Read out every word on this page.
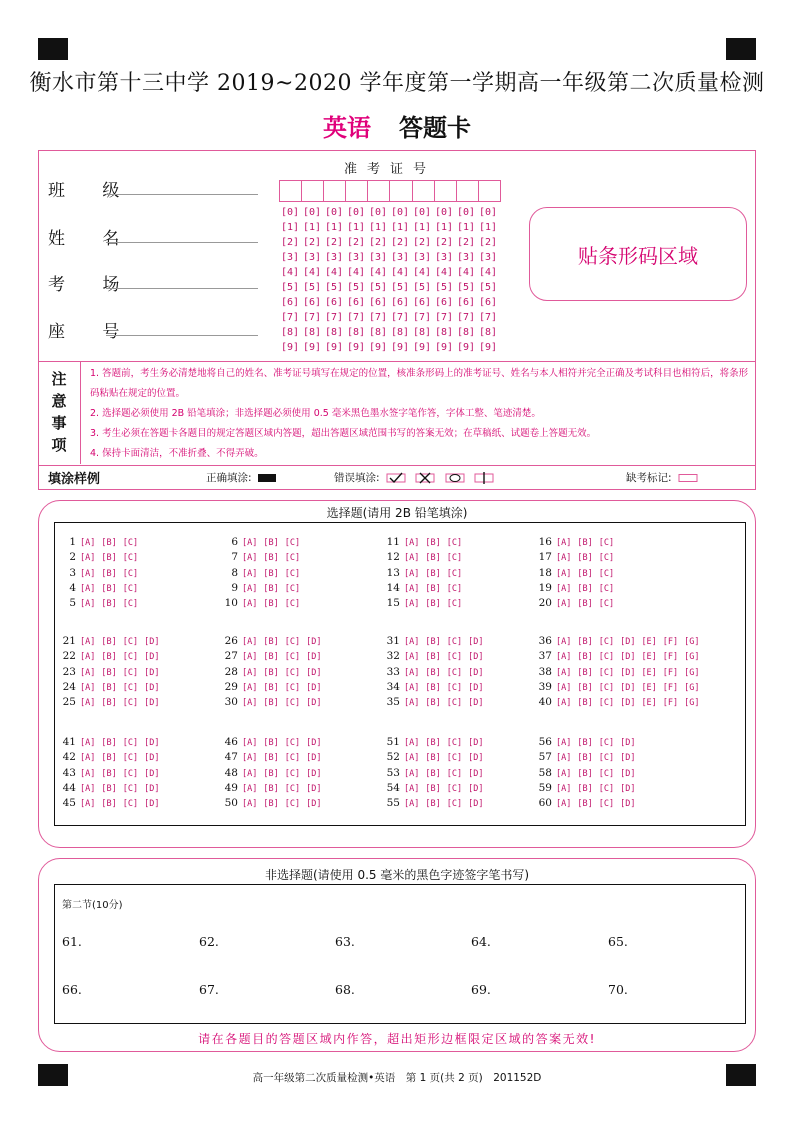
衡水市第十三中学 2019~2020 学年度第一学期高一年级第二次质量检测
英语 答题卡
班 级
姓 名
考 场
座 号
准考证号
[0] [0] [0] [0] [0] [0] [0] [0] [0] [0]
[1] [1] [1] [1] [1] [1] [1] [1] [1] [1]
[2] [2] [2] [2] [2] [2] [2] [2] [2] [2]
[3] [3] [3] [3] [3] [3] [3] [3] [3] [3]
[4] [4] [4] [4] [4] [4] [4] [4] [4] [4]
[5] [5] [5] [5] [5] [5] [5] [5] [5] [5]
[6] [6] [6] [6] [6] [6] [6] [6] [6] [6]
[7] [7] [7] [7] [7] [7] [7] [7] [7] [7]
[8] [8] [8] [8] [8] [8] [8] [8] [8] [8]
[9] [9] [9] [9] [9] [9] [9] [9] [9] [9]
贴条形码区域
注
意
事
项
1. 答题前，考生务必清楚地将自己的姓名、准考证号填写在规定的位置，核准条形码上的准考证号、姓名与本人相符并完全正确及考试科目也相符后，将条形码粘贴在规定的位置。
2. 选择题必须使用 2B 铅笔填涂；非选择题必须使用 0.5 毫米黑色墨水签字笔作答，字体工整、笔迹清楚。
3. 考生必须在答题卡各题目的规定答题区域内答题，超出答题区域范围书写的答案无效；在草稿纸、试题卷上答题无效。
4. 保持卡面清洁，不准折叠、不得弄破。
填涂样例	正确填涂:	错误填涂:	缺考标记:
选择题(请用 2B 铅笔填涂)
1 [A] [B] [C]
2 [A] [B] [C]
3 [A] [B] [C]
4 [A] [B] [C]
5 [A] [B] [C]
6 [A] [B] [C]
7 [A] [B] [C]
8 [A] [B] [C]
9 [A] [B] [C]
10 [A] [B] [C]
11 [A] [B] [C]
12 [A] [B] [C]
13 [A] [B] [C]
14 [A] [B] [C]
15 [A] [B] [C]
16 [A] [B] [C]
17 [A] [B] [C]
18 [A] [B] [C]
19 [A] [B] [C]
20 [A] [B] [C]
21 [A] [B] [C] [D]
22 [A] [B] [C] [D]
23 [A] [B] [C] [D]
24 [A] [B] [C] [D]
25 [A] [B] [C] [D]
26 [A] [B] [C] [D]
27 [A] [B] [C] [D]
28 [A] [B] [C] [D]
29 [A] [B] [C] [D]
30 [A] [B] [C] [D]
31 [A] [B] [C] [D]
32 [A] [B] [C] [D]
33 [A] [B] [C] [D]
34 [A] [B] [C] [D]
35 [A] [B] [C] [D]
36 [A] [B] [C] [D] [E] [F] [G]
37 [A] [B] [C] [D] [E] [F] [G]
38 [A] [B] [C] [D] [E] [F] [G]
39 [A] [B] [C] [D] [E] [F] [G]
40 [A] [B] [C] [D] [E] [F] [G]
41 [A] [B] [C] [D]
42 [A] [B] [C] [D]
43 [A] [B] [C] [D]
44 [A] [B] [C] [D]
45 [A] [B] [C] [D]
46 [A] [B] [C] [D]
47 [A] [B] [C] [D]
48 [A] [B] [C] [D]
49 [A] [B] [C] [D]
50 [A] [B] [C] [D]
51 [A] [B] [C] [D]
52 [A] [B] [C] [D]
53 [A] [B] [C] [D]
54 [A] [B] [C] [D]
55 [A] [B] [C] [D]
56 [A] [B] [C] [D]
57 [A] [B] [C] [D]
58 [A] [B] [C] [D]
59 [A] [B] [C] [D]
60 [A] [B] [C] [D]
非选择题(请使用 0.5 毫米的黑色字迹签字笔书写)
第二节(10分)
61.	62.	63.	64.	65.
66.	67.	68.	69.	70.
请在各题目的答题区域内作答，超出矩形边框限定区域的答案无效!
高一年级第二次质量检测•英语　第 1 页(共 2 页)　201152D
